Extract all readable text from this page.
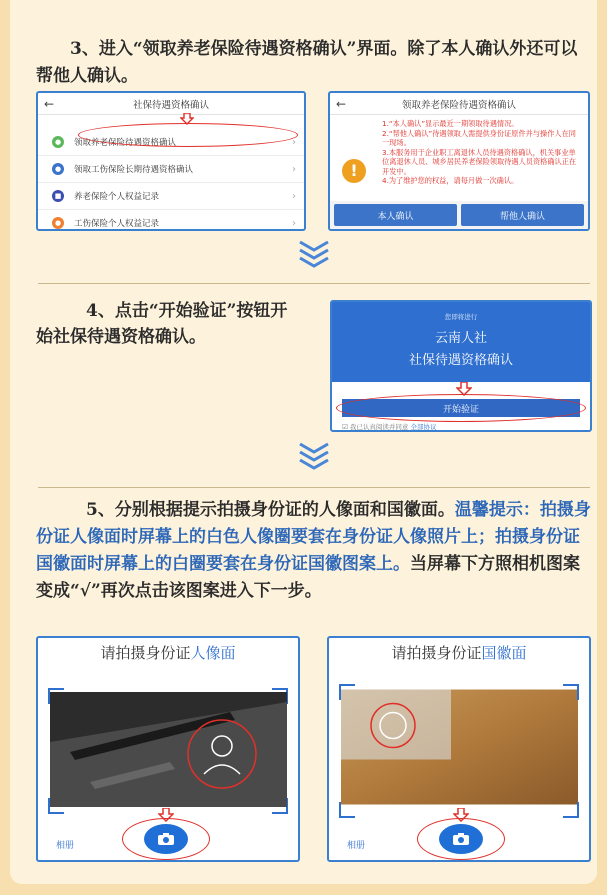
3、进入“领取养老保险待遇资格确认”界面。除了本人确认外还可以帮他人确认。
←	社保待遇资格确认
●	领取养老保险待遇资格确认	›
●	领取工伤保险长期待遇资格确认	›
■	养老保险个人权益记录	›
●	工伤保险个人权益记录	›
←	领取养老保险待遇资格确认
!
1.“本人确认”显示最近一期领取待遇情况。
2.“帮他人确认”待遇领取人需提供身份证原件并与操作人在同一现场。
3.本服务用于企业职工离退休人员待遇资格确认，机关事业单位离退休人员、城乡居民养老保险领取待遇人员资格确认正在开发中。
4.为了维护您的权益，请每月做一次确认。
本人确认	帮他人确认
4、点击“开始验证”按钮开始社保待遇资格确认。
您即将进行
云南人社
社保待遇资格确认
开始验证
☑ 我已认真阅读并同意 全部协议
5、分别根据提示拍摄身份证的人像面和国徽面。温馨提示：拍摄身份证人像面时屏幕上的白色人像圈要套在身份证人像照片上；拍摄身份证国徽面时屏幕上的白圈要套在身份证国徽图案上。当屏幕下方照相机图案变成“√”再次点击该图案进入下一步。
请拍摄身份证人像面
相册
请拍摄身份证国徽面
相册
